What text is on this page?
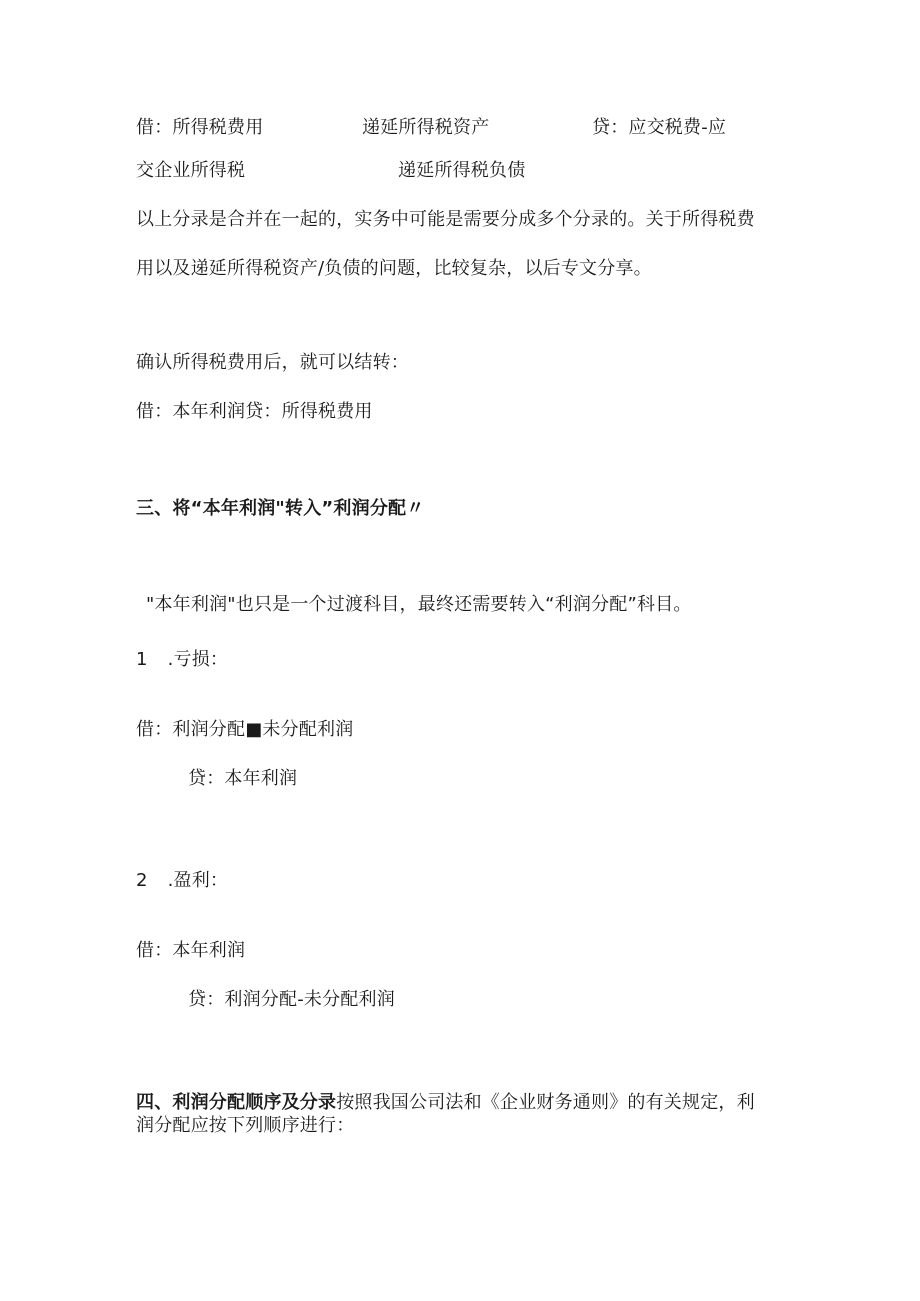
借：所得税费用	递延所得税资产	贷：应交税费-应
交企业所得税	递延所得税负债
以上分录是合并在一起的，实务中可能是需要分成多个分录的。关于所得税费
用以及递延所得税资产/负债的问题，比较复杂，以后专文分享。
确认所得税费用后，就可以结转：
借：本年利润贷：所得税费用
三、将“本年利润"转入”利润分配〃
"本年利润"也只是一个过渡科目，最终还需要转入“利润分配”科目。
1 .亏损：
借：利润分配■未分配利润
贷：本年利润
2 .盈利：
借：本年利润
贷：利润分配-未分配利润
四、利润分配顺序及分录按照我国公司法和《企业财务通则》的有关规定，利
润分配应按下列顺序进行：
